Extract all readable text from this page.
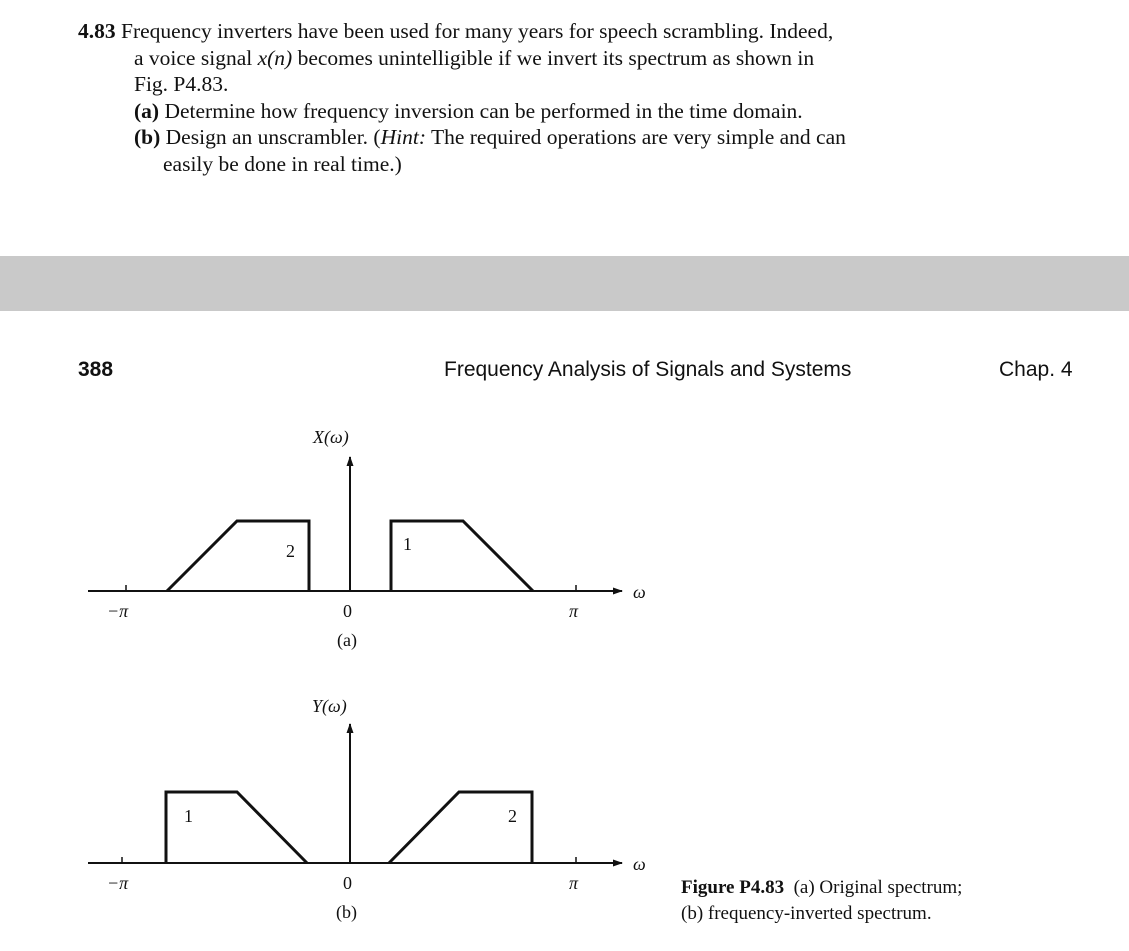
4.83 Frequency inverters have been used for many years for speech scrambling. Indeed,
a voice signal x(n) becomes unintelligible if we invert its spectrum as shown in
Fig. P4.83.
(a) Determine how frequency inversion can be performed in the time domain.
(b) Design an unscrambler. (Hint: The required operations are very simple and can
easily be done in real time.)
388	Frequency Analysis of Signals and Systems	Chap. 4
2	1
X(ω)
ω
−π	0	π
(a)
1	2
Y(ω)
ω
−π	0	π
(b)
Figure P4.83 (a) Original spectrum;
(b) frequency-inverted spectrum.
